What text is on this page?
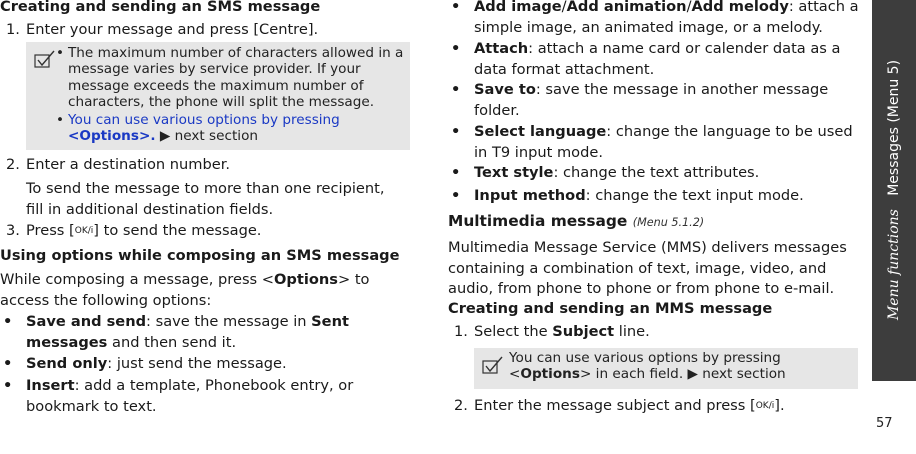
Creating and sending an SMS message
1. Enter your message and press [Centre].
• The maximum number of characters allowed in a message varies by service provider. If your message exceeds the maximum number of characters, the phone will split the message.
• You can use various options by pressing
<Options>. ▶ next section
2. Enter a destination number.
To send the message to more than one recipient, fill in additional destination fields.
3. Press [OK/i] to send the message.
Using options while composing an SMS message
While composing a message, press <Options> to access the following options:
• Save and send: save the message in Sent messages and then send it.
• Send only: just send the message.
• Insert: add a template, Phonebook entry, or bookmark to text.
• Add image/Add animation/Add melody: attach a simple image, an animated image, or a melody.
• Attach: attach a name card or calender data as a data format attachment.
• Save to: save the message in another message folder.
• Select language: change the language to be used in T9 input mode.
• Text style: change the text attributes.
• Input method: change the text input mode.
Multimedia message (Menu 5.1.2)
Multimedia Message Service (MMS) delivers messages containing a combination of text, image, video, and audio, from phone to phone or from phone to e-mail.
Creating and sending an MMS message
1. Select the Subject line.
You can use various options by pressing <Options> in each field. ▶ next section
2. Enter the message subject and press [OK/i].
Menu functions   Messages (Menu 5)
57
